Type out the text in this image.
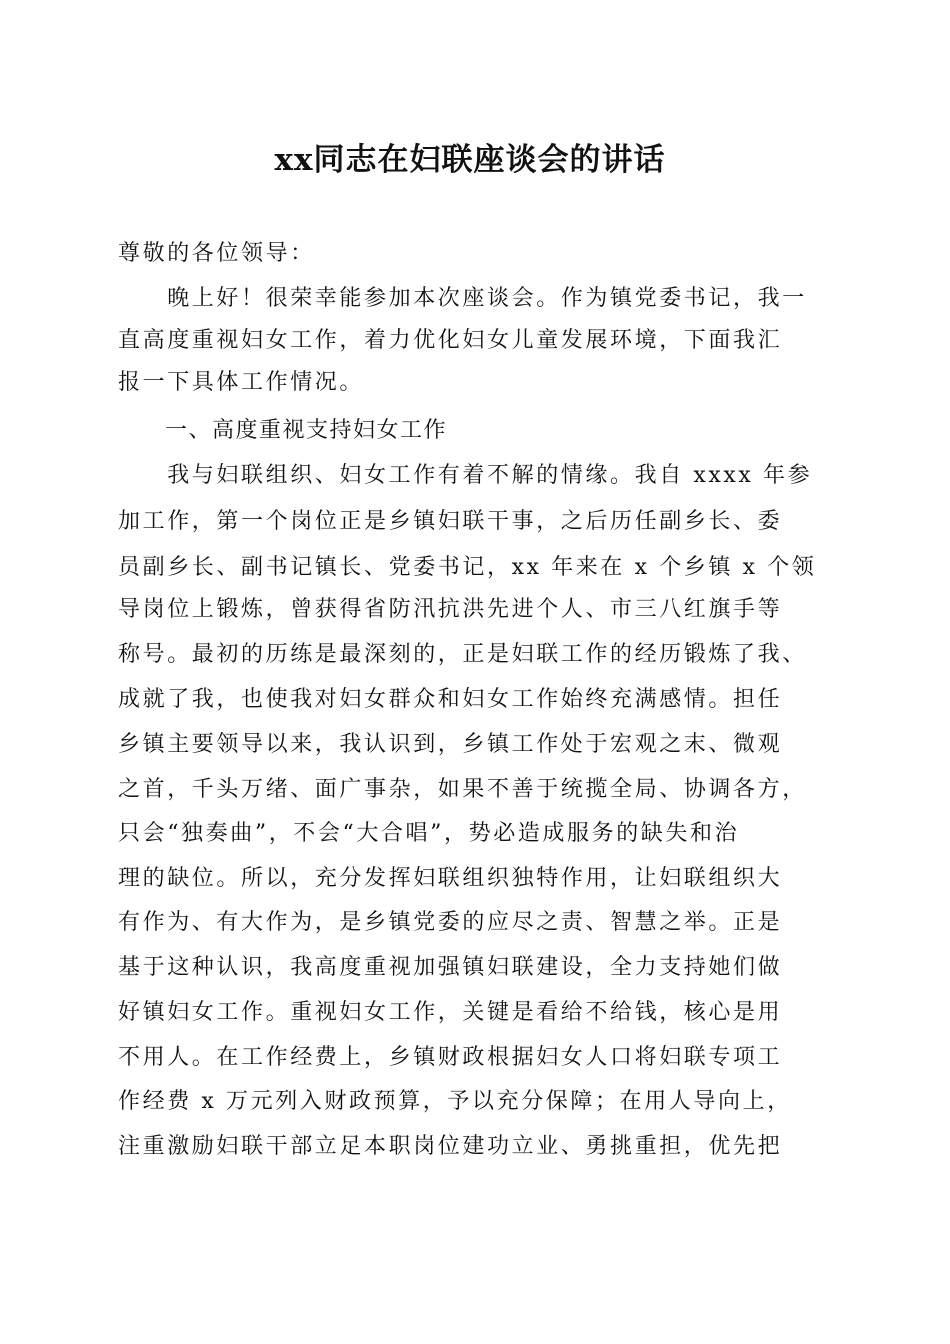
xx同志在妇联座谈会的讲话
尊敬的各位领导：
　　晚上好！很荣幸能参加本次座谈会。作为镇党委书记，我一
直高度重视妇女工作，着力优化妇女儿童发展环境，下面我汇
报一下具体工作情况。
　　一、高度重视支持妇女工作
　　我与妇联组织、妇女工作有着不解的情缘。我自 xxxx 年参
加工作，第一个岗位正是乡镇妇联干事，之后历任副乡长、委
员副乡长、副书记镇长、党委书记，xx 年来在 x 个乡镇 x 个领
导岗位上锻炼，曾获得省防汛抗洪先进个人、市三八红旗手等
称号。最初的历练是最深刻的，正是妇联工作的经历锻炼了我、
成就了我，也使我对妇女群众和妇女工作始终充满感情。担任
乡镇主要领导以来，我认识到，乡镇工作处于宏观之末、微观
之首，千头万绪、面广事杂，如果不善于统揽全局、协调各方，
只会“独奏曲”，不会“大合唱”，势必造成服务的缺失和治
理的缺位。所以，充分发挥妇联组织独特作用，让妇联组织大
有作为、有大作为，是乡镇党委的应尽之责、智慧之举。正是
基于这种认识，我高度重视加强镇妇联建设，全力支持她们做
好镇妇女工作。重视妇女工作，关键是看给不给钱，核心是用
不用人。在工作经费上，乡镇财政根据妇女人口将妇联专项工
作经费 x 万元列入财政预算，予以充分保障；在用人导向上，
注重激励妇联干部立足本职岗位建功立业、勇挑重担，优先把
